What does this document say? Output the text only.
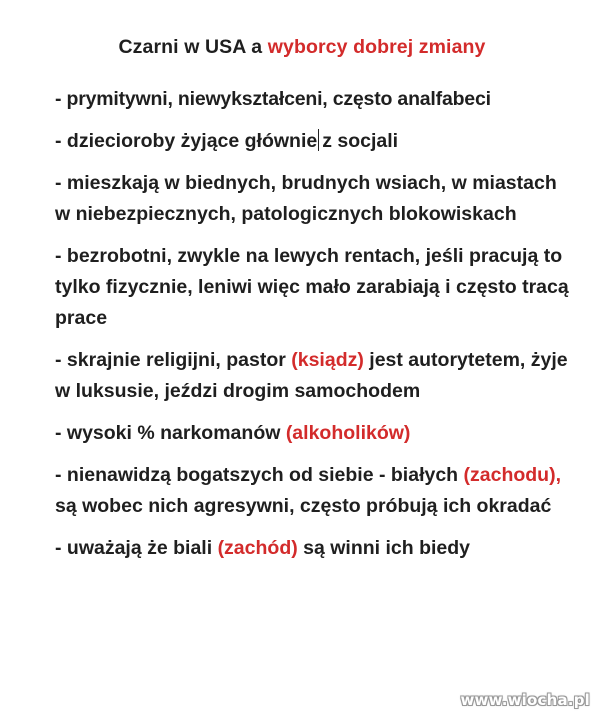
Czarni w USA a wyborcy dobrej zmiany
- prymitywni, niewykształceni, często analfabeci
- dzieciorobу żyjące głównie z socjali
- mieszkają w biednych, brudnych wsiach, w miastach w niebezpiecznych, patologicznych blokowiskach
- bezrobotni, zwykle na lewych rentach, jeśli pracują to tylko fizycznie, leniwi więc mało zarabiają i często tracą prace
- skrajnie religijni, pastor (ksiądz) jest autorytetem, żyje w luksusie, jeździ drogim samochodem
- wysoki % narkomanów (alkoholików)
- nienawidzą bogatszych od siebie - białych (zachodu), są wobec nich agresywni, często próbują ich okradać
- uważają że biali (zachód) są winni ich biedy
www.wiocha.pl
